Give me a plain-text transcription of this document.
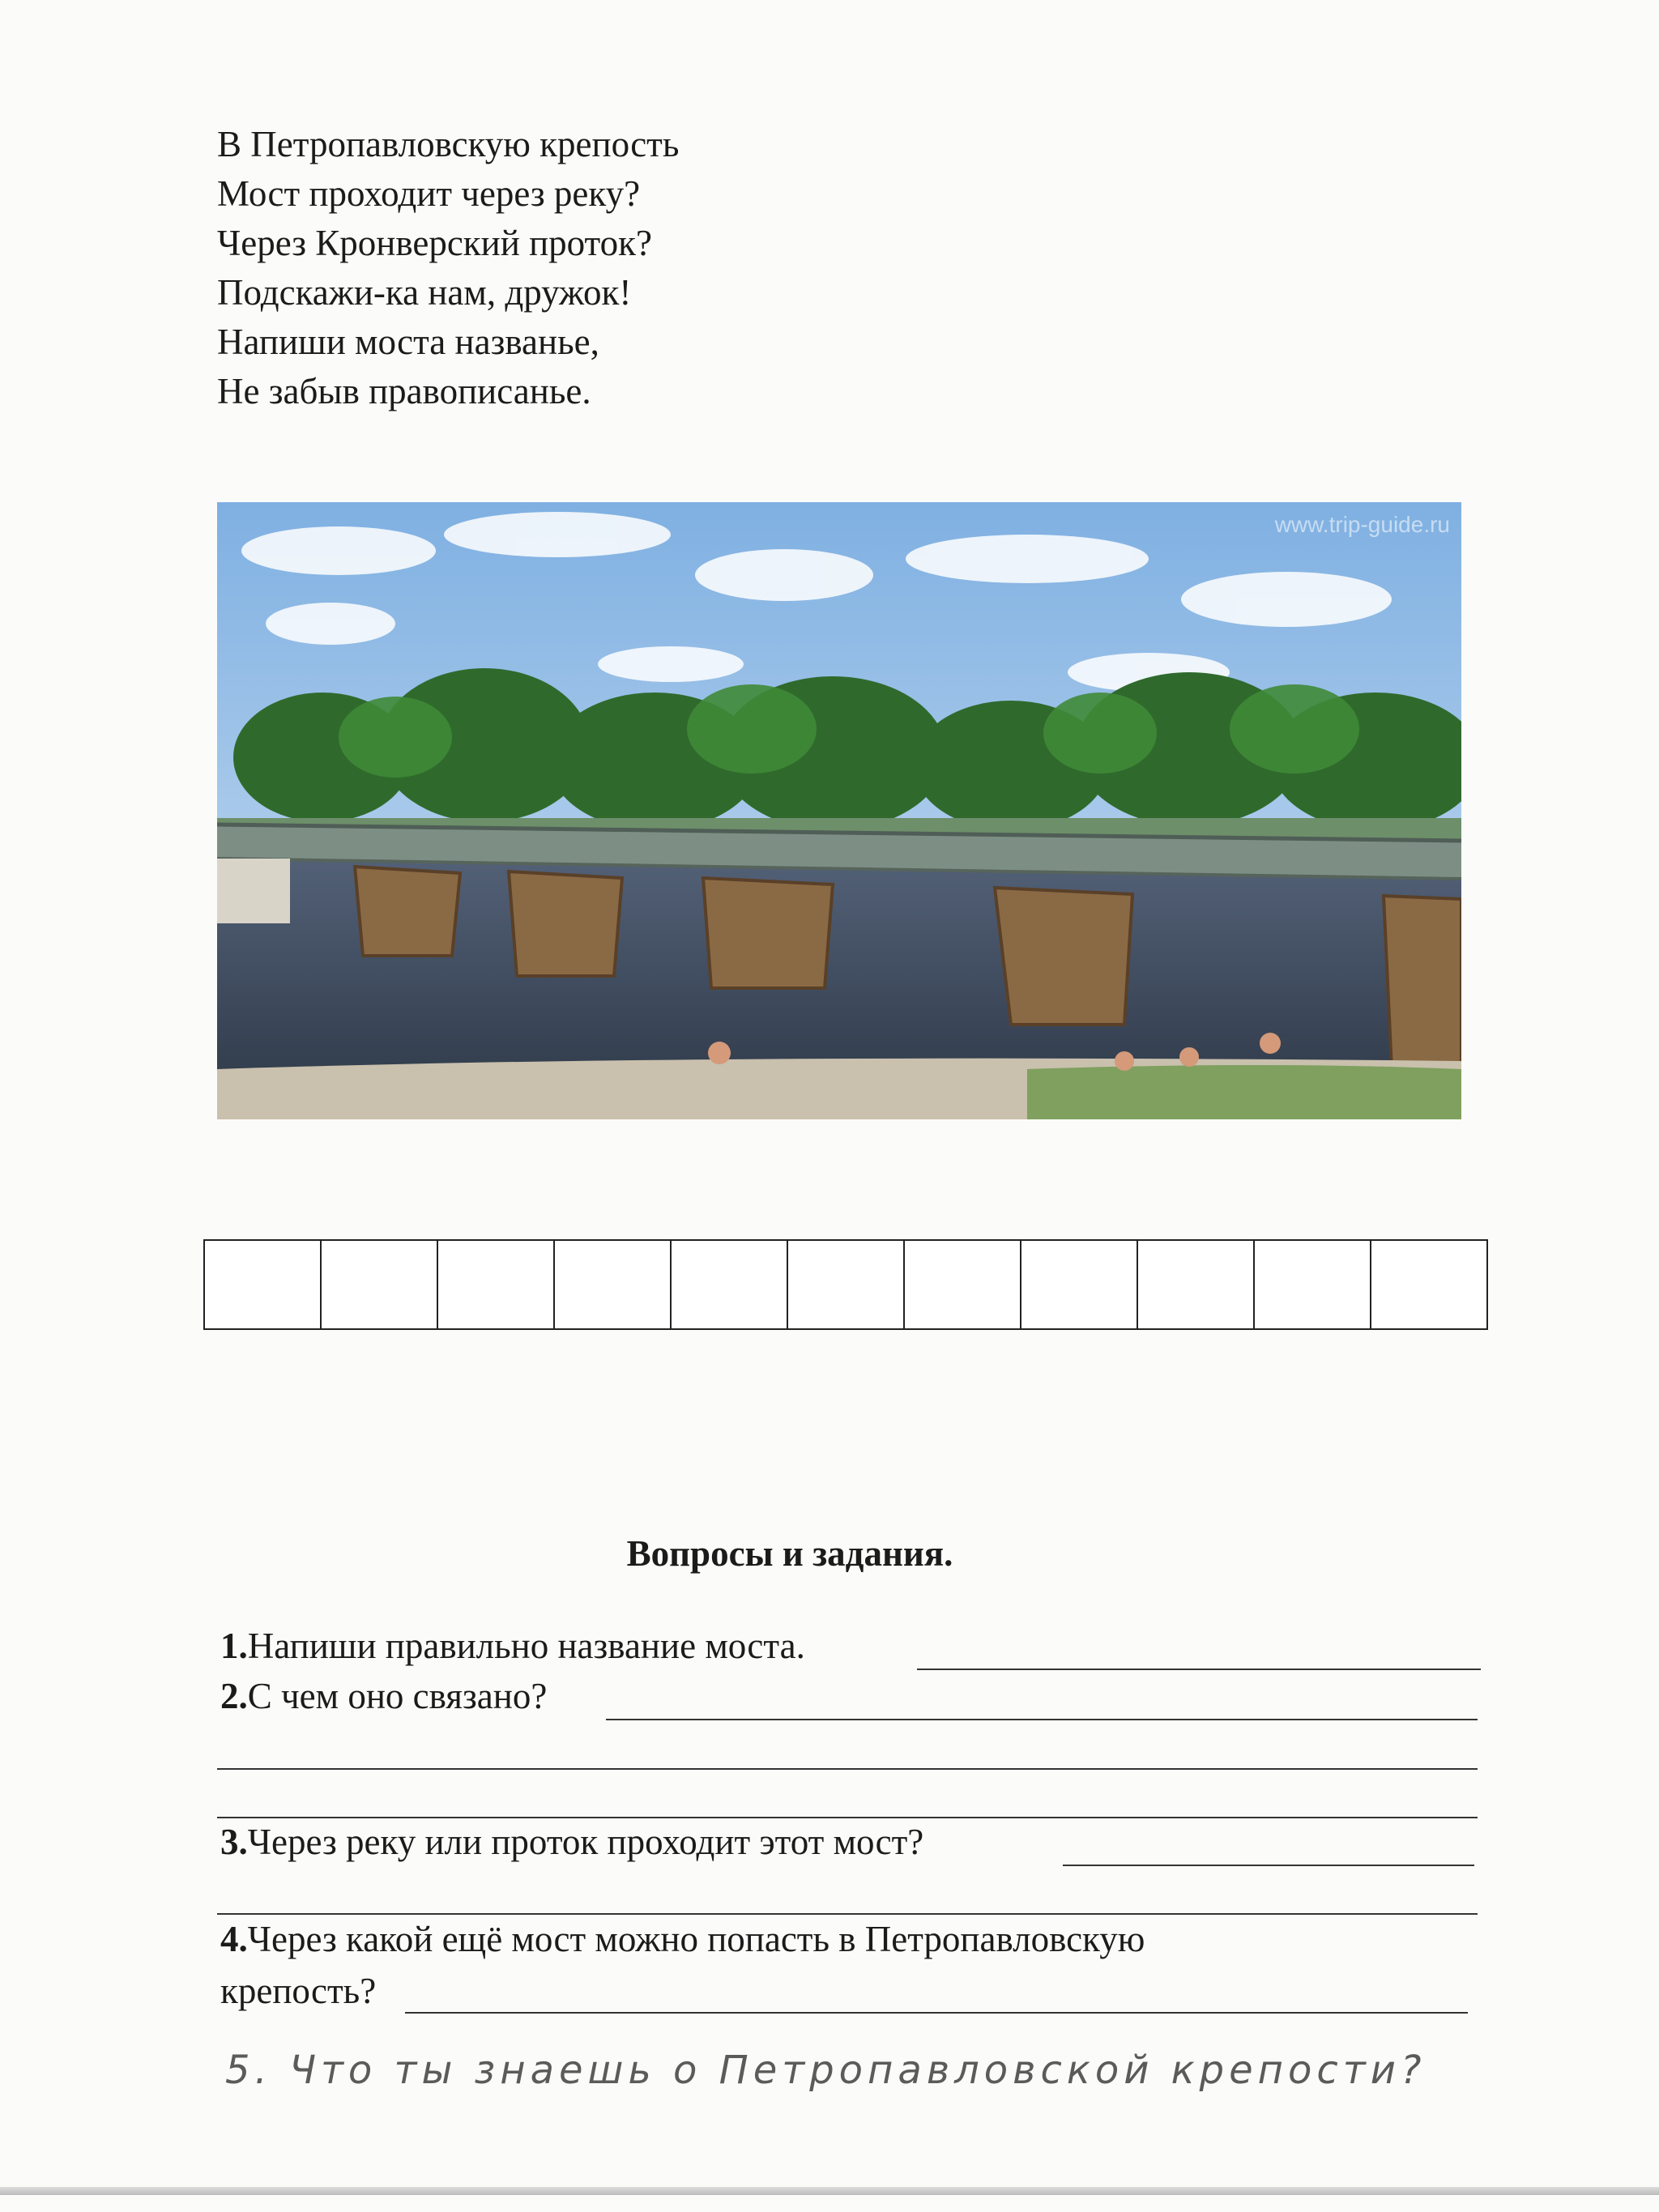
В Петропавловскую крепость
Мост проходит через реку?
Через Кронверский проток?
Подскажи-ка нам, дружок!
Напиши моста названье,
Не забыв правописанье.
www.trip-guide.ru
Вопросы и задания.
1.Напиши правильно название моста.
2.С чем оно связано?
3.Через реку или проток проходит этот мост?
4.Через какой ещё мост можно попасть в Петропавловскую
крепость?
5. Что ты знаешь о Петропавловской крепости?
